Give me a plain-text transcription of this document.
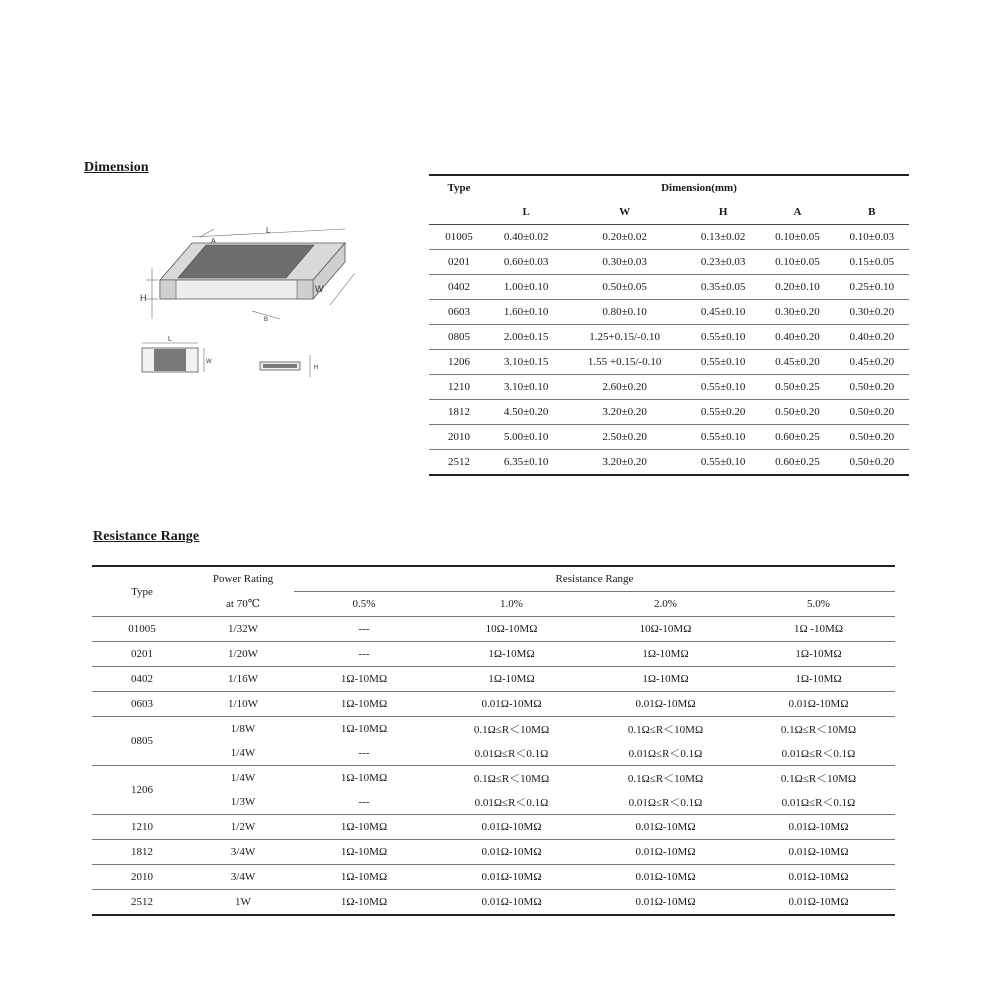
Dimension
L
A
H
W
B
L
W
H
Type	Dimension(mm)				
	L	W	H	A	B
01005	0.40±0.02	0.20±0.02	0.13±0.02	0.10±0.05	0.10±0.03
0201	0.60±0.03	0.30±0.03	0.23±0.03	0.10±0.05	0.15±0.05
0402	1.00±0.10	0.50±0.05	0.35±0.05	0.20±0.10	0.25±0.10
0603	1.60±0.10	0.80±0.10	0.45±0.10	0.30±0.20	0.30±0.20
0805	2.00±0.15	1.25+0.15/-0.10	0.55±0.10	0.40±0.20	0.40±0.20
1206	3.10±0.15	1.55 +0.15/-0.10	0.55±0.10	0.45±0.20	0.45±0.20
1210	3.10±0.10	2.60±0.20	0.55±0.10	0.50±0.25	0.50±0.20
1812	4.50±0.20	3.20±0.20	0.55±0.20	0.50±0.20	0.50±0.20
2010	5.00±0.10	2.50±0.20	0.55±0.10	0.60±0.25	0.50±0.20
2512	6.35±0.10	3.20±0.20	0.55±0.10	0.60±0.25	0.50±0.20
Resistance Range
Type	Power Rating	Resistance Range			
	at 70℃	0.5%	1.0%	2.0%	5.0%
01005	1/32W	---	10Ω-10MΩ	10Ω-10MΩ	1Ω -10MΩ
0201	1/20W	---	1Ω-10MΩ	1Ω-10MΩ	1Ω-10MΩ
0402	1/16W	1Ω-10MΩ	1Ω-10MΩ	1Ω-10MΩ	1Ω-10MΩ
0603	1/10W	1Ω-10MΩ	0.01Ω-10MΩ	0.01Ω-10MΩ	0.01Ω-10MΩ
0805	1/8W	1Ω-10MΩ	0.1Ω≤R＜10MΩ	0.1Ω≤R＜10MΩ	0.1Ω≤R＜10MΩ
	1/4W	---	0.01Ω≤R＜0.1Ω	0.01Ω≤R＜0.1Ω	0.01Ω≤R＜0.1Ω
1206	1/4W	1Ω-10MΩ	0.1Ω≤R＜10MΩ	0.1Ω≤R＜10MΩ	0.1Ω≤R＜10MΩ
	1/3W	---	0.01Ω≤R＜0.1Ω	0.01Ω≤R＜0.1Ω	0.01Ω≤R＜0.1Ω
1210	1/2W	1Ω-10MΩ	0.01Ω-10MΩ	0.01Ω-10MΩ	0.01Ω-10MΩ
1812	3/4W	1Ω-10MΩ	0.01Ω-10MΩ	0.01Ω-10MΩ	0.01Ω-10MΩ
2010	3/4W	1Ω-10MΩ	0.01Ω-10MΩ	0.01Ω-10MΩ	0.01Ω-10MΩ
2512	1W	1Ω-10MΩ	0.01Ω-10MΩ	0.01Ω-10MΩ	0.01Ω-10MΩ
